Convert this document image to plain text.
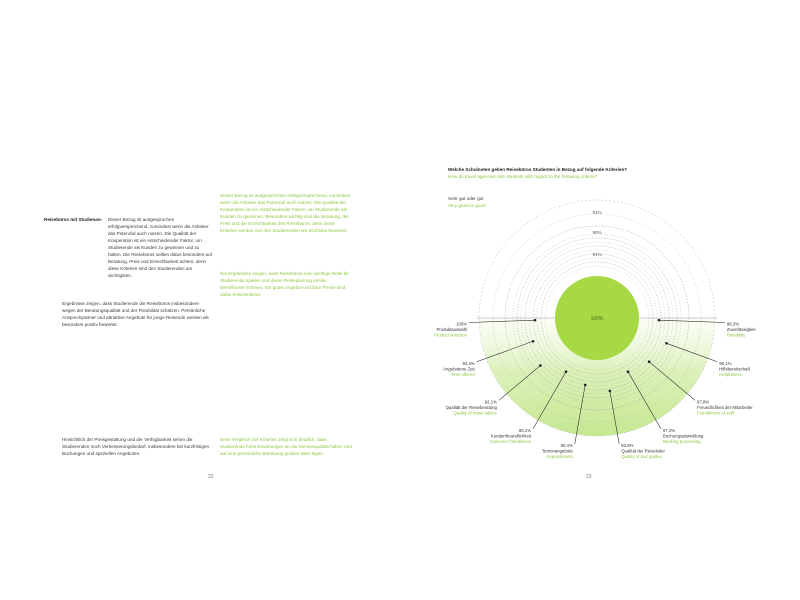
Reisebüros mit Studienan-	Dieser Bezug ist ausgesprochen erfolgversprechend, zumindest wenn die Anbieter das Potenzial auch nutzen. Die Qualität der Kooperation ist ein entscheidender Faktor, um Studierende als Kunden zu gewinnen und zu halten. Die Reisebüros sollten dabei besonders auf Beratung, Preis und Erreichbarkeit achten, denn diese Kriterien sind den Studierenden am wichtigsten.
Ergebnisse zeigen, dass Studierende die Reisebüros insbesondere wegen der Beratungsqualität und der Flexibilität schätzen. Persönliche Ansprechpartner und attraktive Angebote für junge Reisende werden als besonders positiv bewertet.
Dieser Bezug ist ausgesprochen erfolgversprechend, zumindest wenn die Anbieter das Potenzial auch nutzen. Die Qualität der Kooperation ist ein entscheidender Faktor, um Studierende als Kunden zu gewinnen. Besonders wichtig sind die Beratung, der Preis und die Erreichbarkeit des Reisebüros, denn diese Kriterien werden von den Studierenden am höchsten bewertet.
Die Ergebnisse zeigen, dass Reisebüros eine wichtige Rolle für Studierende spielen und deren Reiseplanung positiv beeinflussen können. Ein gutes Angebot und faire Preise sind dabei entscheidend.
Hinsichtlich der Preisgestaltung und der Verfügbarkeit sehen die Studierenden noch Verbesserungsbedarf, insbesondere bei kurzfristigen Buchungen und speziellen Angeboten.
Beim Vergleich der Kriterien zeigt sich deutlich, dass Studierende hohe Erwartungen an die Servicequalität haben und auf eine persönliche Betreuung großen Wert legen.
22
Welche Schulnoten geben Reisebüros Studenten in Bezug auf folgende Kriterien?
How do travel agencies rate students with regard to the following criteria?
Sehr gut oder gut
Very good or good
91%
90%
91%
100%
Produktauswahl
Product selection
94,4%
Angebotene Zeit
Time offered
92,1%
Qualität der Reiseberatung
Quality of travel advice
86,1%
Kundenfreundlichkeit
Customer friendliness
80,4%
Terminangebote
Appointments
83,8%
Qualität der Reiseleiter
Quality of tour guides
97,2%
Buchungsabwicklung
Booking processing
97,8%
Freundlichkeit der Mitarbeiter
Friendliness of staff
96,1%
Hilfsbereitschaft
Helpfulness
98,3%
Zuverlässigkeit
Reliability
100%
23
